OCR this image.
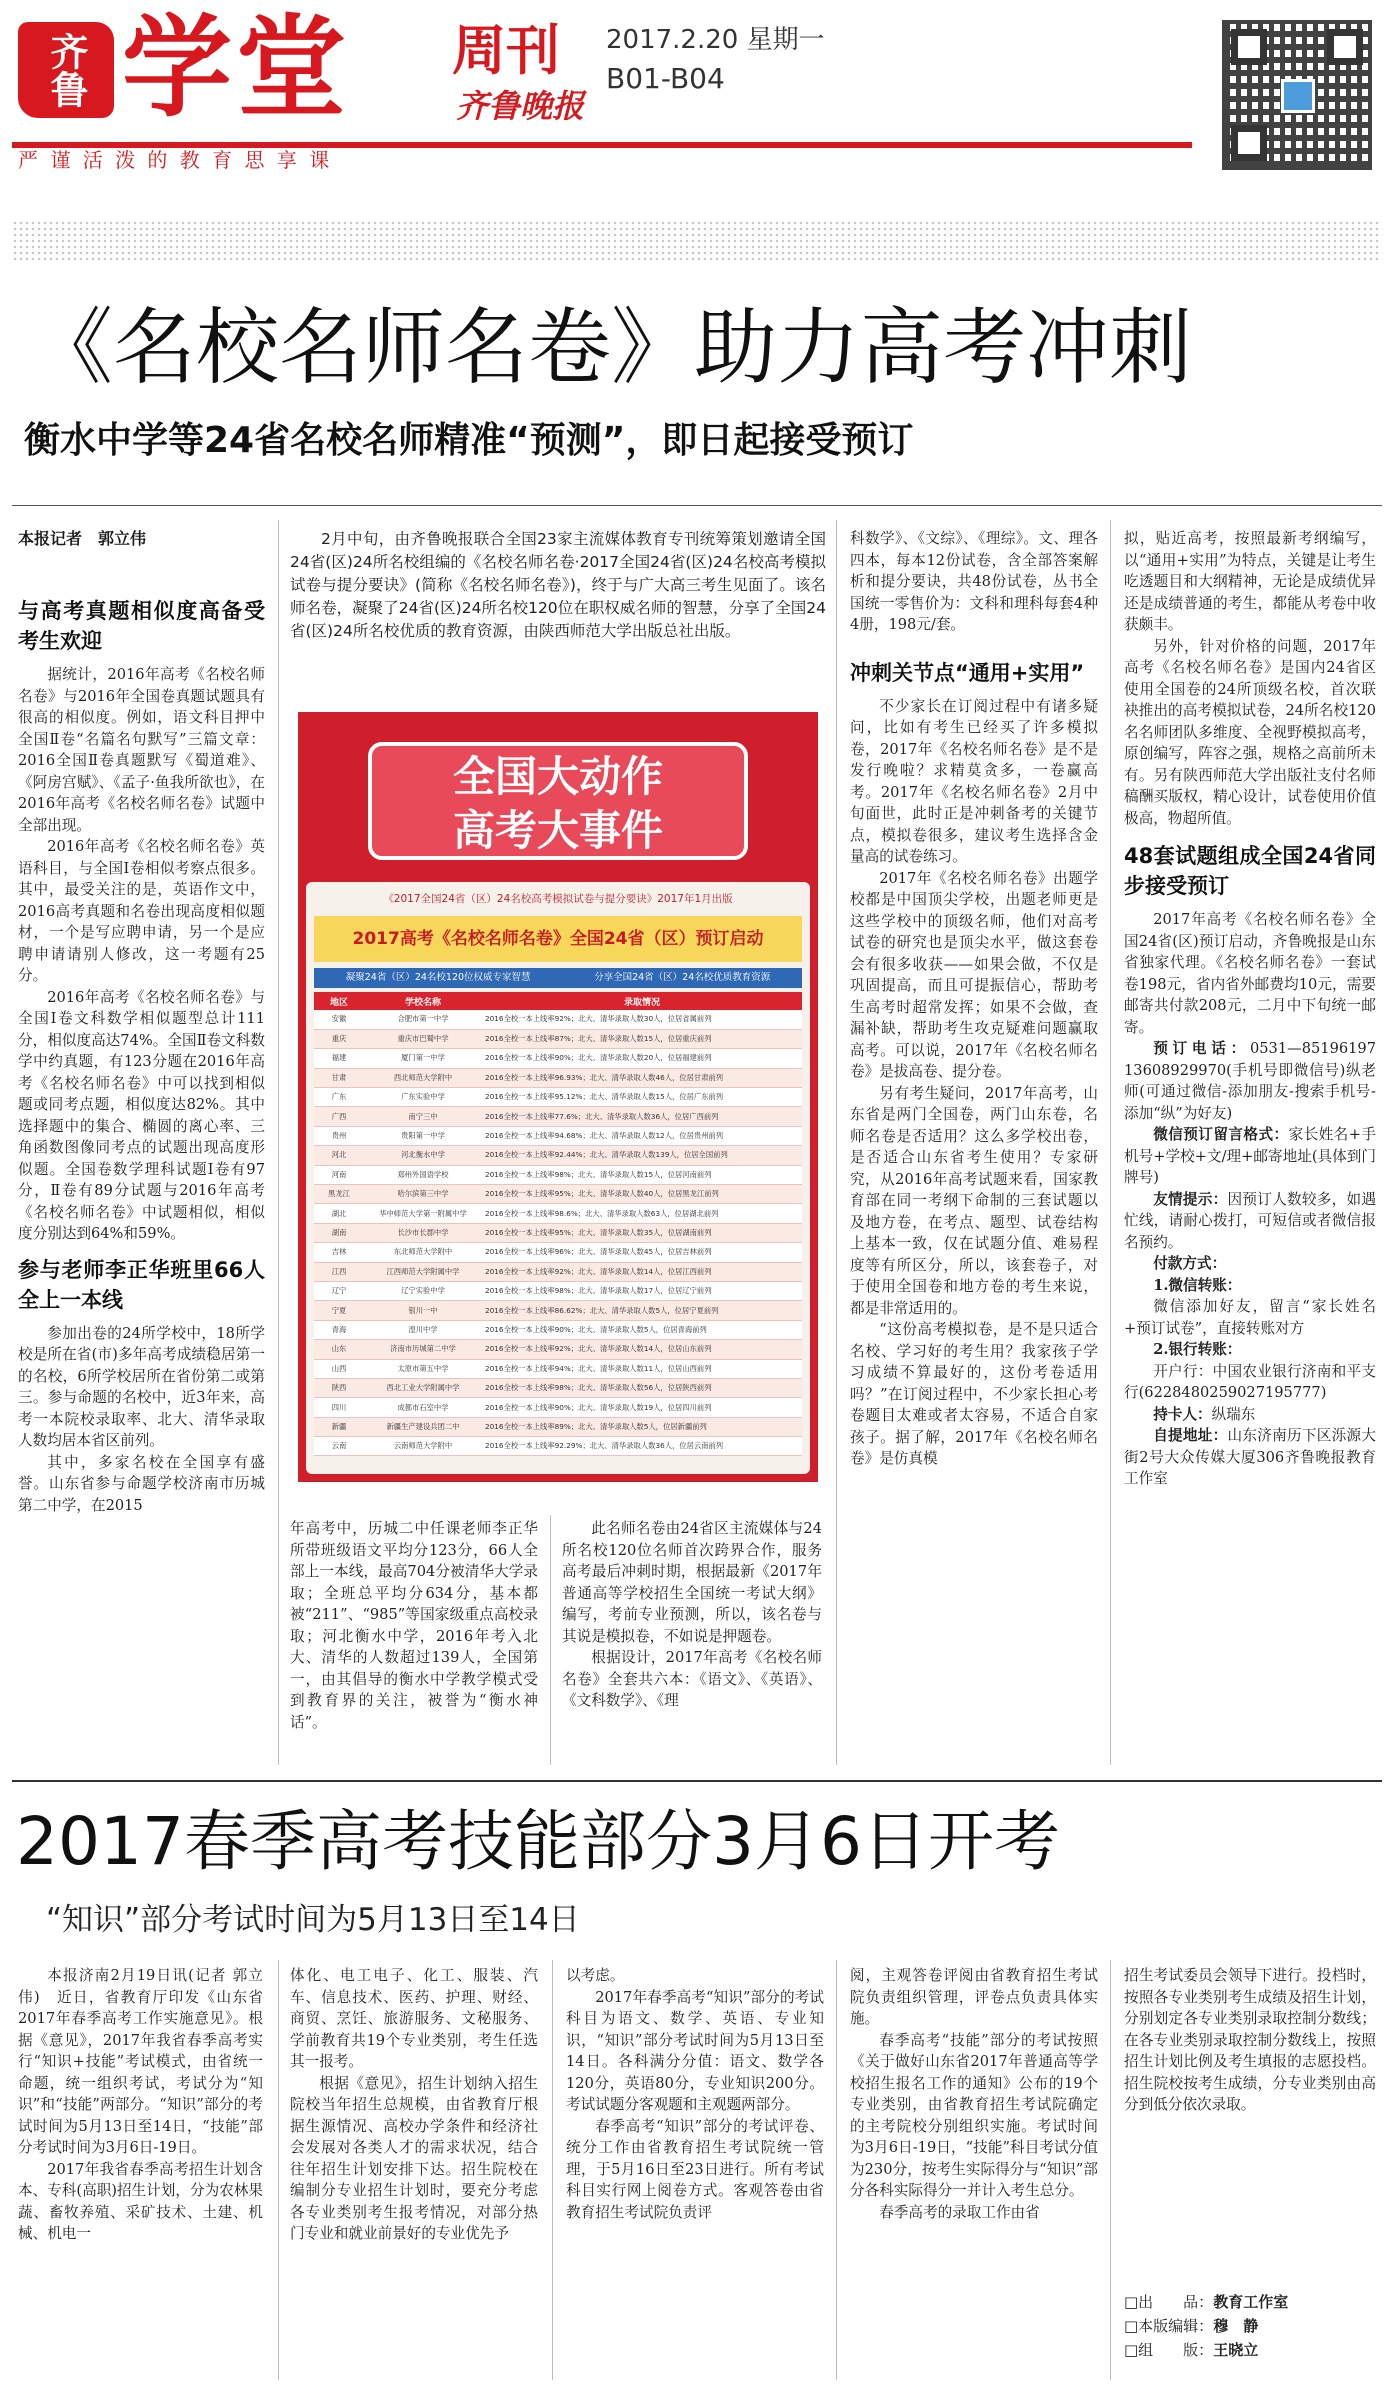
齐鲁 学堂 周刊
齐鲁晚报
2017.2.20 星期一
B01-B04
严 谨 活 泼 的 教 育 思 享 课
《名校名师名卷》助力高考冲刺
衡水中学等24省名校名师精准“预测”，即日起接受预订
本报记者　郭立伟
与高考真题相似度高备受考生欢迎

据统计，2016年高考《名校名师名卷》与2016年全国卷真题试题具有很高的相似度。例如，语文科目押中全国Ⅱ卷“名篇名句默写”三篇文章：2016全国Ⅱ卷真题默写《蜀道难》、《阿房宫赋》、《孟子·鱼我所欲也》，在2016年高考《名校名师名卷》试题中全部出现。

2016年高考《名校名师名卷》英语科目，与全国Ⅰ卷相似考察点很多。其中，最受关注的是，英语作文中，2016高考真题和名卷出现高度相似题材，一个是写应聘申请，另一个是应聘申请请别人修改，这一考题有25分。

2016年高考《名校名师名卷》与全国Ⅰ卷文科数学相似题型总计111分，相似度高达74%。全国Ⅱ卷文科数学中约真题，有123分题在2016年高考《名校名师名卷》中可以找到相似题或同考点题，相似度达82%。其中选择题中的集合、椭圆的离心率、三角函数图像同考点的试题出现高度形似题。全国卷数学理科试题Ⅰ卷有97分，Ⅱ卷有89分试题与2016年高考《名校名师名卷》中试题相似，相似度分别达到64%和59%。

参与老师李正华班里66人全上一本线

参加出卷的24所学校中，18所学校是所在省(市)多年高考成绩稳居第一的名校，6所学校居所在省份第二或第三。参与命题的名校中，近3年来，高考一本院校录取率、北大、清华录取人数均居本省区前列。

其中，多家名校在全国享有盛誉。山东省参与命题学校济南市历城第二中学，在2015

2月中旬，由齐鲁晚报联合全国23家主流媒体教育专刊统筹策划邀请全国24省(区)24所名校组编的《名校名师名卷·2017全国24省(区)24名校高考模拟试卷与提分要诀》(简称《名校名师名卷》)，终于与广大高三考生见面了。该名师名卷，凝聚了24省(区)24所名校120位在职权威名师的智慧，分享了全国24省(区)24所名校优质的教育资源，由陕西师范大学出版总社出版。

全国大动作
高考大事件
《2017全国24省（区）24名校高考模拟试卷与提分要诀》2017年1月出版
2017高考《名校名师名卷》全国24省（区）预订启动
凝聚24省（区）24名校120位权威专家智慧	分享全国24省（区）24名校优质教育资源
地区	学校名称	录取情况
安徽	合肥市第一中学	2016全校一本上线率92%；北大、清华录取人数30人，位居省属前列
重庆	重庆市巴蜀中学	2016全校一本上线率87%；北大、清华录取人数15人，位居重庆前列
福建	厦门第一中学	2016全校一本上线率90%；北大、清华录取人数20人，位居福建前列
甘肃	西北师范大学附中	2016全校一本上线率96.93%；北大、清华录取人数46人，位居甘肃前列
广东	广东实验中学	2016全校一本上线率95.12%；北大、清华录取人数15人，位居广东前列
广西	南宁三中	2016全校一本上线率77.6%；北大、清华录取人数36人，位居广西前列
贵州	贵阳第一中学	2016全校一本上线率94.68%；北大、清华录取人数12人，位居贵州前列
河北	河北衡水中学	2016全校一本上线率92.44%；北大、清华录取人数139人，位居全国前列
河南	郑州外国语学校	2016全校一本上线率98%；北大、清华录取人数15人，位居河南前列
黑龙江	哈尔滨第三中学	2016全校一本上线率95%；北大、清华录取人数40人，位居黑龙江前列
湖北	华中师范大学第一附属中学	2016全校一本上线率98.6%；北大、清华录取人数63人，位居湖北前列
湖南	长沙市长郡中学	2016全校一本上线率95%；北大、清华录取人数35人，位居湖南前列
吉林	东北师范大学附中	2016全校一本上线率96%；北大、清华录取人数45人，位居吉林前列
江西	江西师范大学附属中学	2016全校一本上线率92%；北大、清华录取人数14人，位居江西前列
辽宁	辽宁实验中学	2016全校一本上线率98%；北大、清华录取人数17人，位居辽宁前列
宁夏	银川一中	2016全校一本上线率86.62%；北大、清华录取人数5人，位居宁夏前列
青海	湟川中学	2016全校一本上线率90%；北大、清华录取人数5人，位居青海前列
山东	济南市历城第二中学	2016全校一本上线率92%；北大、清华录取人数14人，位居山东前列
山西	太原市第五中学	2016全校一本上线率94%；北大、清华录取人数11人，位居山西前列
陕西	西北工业大学附属中学	2016全校一本上线率98%；北大、清华录取人数56人，位居陕西前列
四川	成都市石室中学	2016全校一本上线率90%；北大、清华录取人数19人，位居四川前列
新疆	新疆生产建设兵团二中	2016全校一本上线率89%；北大、清华录取人数5人，位居新疆前列
云南	云南师范大学附中	2016全校一本上线率92.29%；北大、清华录取人数36人，位居云南前列

年高考中，历城二中任课老师李正华所带班级语文平均分123分，66人全部上一本线，最高704分被清华大学录取；全班总平均分634分，基本都被“211”、“985”等国家级重点高校录取；河北衡水中学，2016年考入北大、清华的人数超过139人，全国第一，由其倡导的衡水中学教学模式受到教育界的关注，被誉为“衡水神话”。

此名师名卷由24省区主流媒体与24所名校120位名师首次跨界合作，服务高考最后冲刺时期，根据最新《2017年普通高等学校招生全国统一考试大纲》编写，考前专业预测，所以，该名卷与其说是模拟卷，不如说是押题卷。

根据设计，2017年高考《名校名师名卷》全套共六本：《语文》、《英语》、《文科数学》、《理

科数学》、《文综》、《理综》。文、理各四本，每本12份试卷，含全部答案解析和提分要诀，共48份试卷，丛书全国统一零售价为：文科和理科每套4种4册，198元/套。

冲刺关节点“通用+实用”

不少家长在订阅过程中有诸多疑问，比如有考生已经买了许多模拟卷，2017年《名校名师名卷》是不是发行晚啦？求精莫贪多，一卷赢高考。2017年《名校名师名卷》2月中旬面世，此时正是冲刺备考的关键节点，模拟卷很多，建议考生选择含金量高的试卷练习。

2017年《名校名师名卷》出题学校都是中国顶尖学校，出题老师更是这些学校中的顶级名师，他们对高考试卷的研究也是顶尖水平，做这套卷会有很多收获——如果会做，不仅是巩固提高，而且可提振信心，帮助考生高考时超常发挥；如果不会做，查漏补缺，帮助考生攻克疑难问题赢取高考。可以说，2017年《名校名师名卷》是拔高卷、提分卷。

另有考生疑问，2017年高考，山东省是两门全国卷，两门山东卷，名师名卷是否适用？这么多学校出卷，是否适合山东省考生使用？专家研究，从2016年高考试题来看，国家教育部在同一考纲下命制的三套试题以及地方卷，在考点、题型、试卷结构上基本一致，仅在试题分值、难易程度等有所区分，所以，该套卷子，对于使用全国卷和地方卷的考生来说，都是非常适用的。

“这份高考模拟卷，是不是只适合名校、学习好的考生用？我家孩子学习成绩不算最好的，这份考卷适用吗？”在订阅过程中，不少家长担心考卷题目太难或者太容易，不适合自家孩子。据了解，2017年《名校名师名卷》是仿真模

拟，贴近高考，按照最新考纲编写，以“通用+实用”为特点，关键是让考生吃透题目和大纲精神，无论是成绩优异还是成绩普通的考生，都能从考卷中收获颇丰。

另外，针对价格的问题，2017年高考《名校名师名卷》是国内24省区使用全国卷的24所顶级名校，首次联袂推出的高考模拟试卷，24所名校120名名师团队多维度、全视野模拟高考，原创编写，阵容之强，规格之高前所未有。另有陕西师范大学出版社支付名师稿酬买版权，精心设计，试卷使用价值极高，物超所值。

48套试题组成全国24省同步接受预订

2017年高考《名校名师名卷》全国24省(区)预订启动，齐鲁晚报是山东省独家代理。《名校名师名卷》一套试卷198元，省内省外邮费均10元，需要邮寄共付款208元，二月中下旬统一邮寄。

预订电话：0531—85196197 13608929970(手机号即微信号)纵老师(可通过微信-添加朋友-搜索手机号-添加“纵”为好友)

微信预订留言格式：家长姓名+手机号+学校+文/理+邮寄地址(具体到门牌号)

友情提示：因预订人数较多，如遇忙线，请耐心拨打，可短信或者微信报名预约。

付款方式：

1.微信转账：

微信添加好友，留言“家长姓名+预订试卷”，直接转账对方

2.银行转账：

开户行：中国农业银行济南和平支行(6228480259027195777)

持卡人：纵瑞东

自提地址：山东济南历下区泺源大街2号大众传媒大厦306齐鲁晚报教育工作室

2017春季高考技能部分3月6日开考
“知识”部分考试时间为5月13日至14日

本报济南2月19日讯(记者 郭立伟)　近日，省教育厅印发《山东省2017年春季高考工作实施意见》。根据《意见》，2017年我省春季高考实行“知识+技能”考试模式，由省统一命题，统一组织考试，考试分为“知识”和“技能”两部分。“知识”部分的考试时间为5月13日至14日，“技能”部分考试时间为3月6日-19日。

2017年我省春季高考招生计划含本、专科(高职)招生计划，分为农林果蔬、畜牧养殖、采矿技术、土建、机械、机电一

体化、电工电子、化工、服装、汽车、信息技术、医药、护理、财经、商贸、烹饪、旅游服务、文秘服务、学前教育共19个专业类别，考生任选其一报考。

根据《意见》，招生计划纳入招生院校当年招生总规模，由省教育厅根据生源情况、高校办学条件和经济社会发展对各类人才的需求状况，结合往年招生计划安排下达。招生院校在编制分专业招生计划时，要充分考虑各专业类别考生报考情况，对部分热门专业和就业前景好的专业优先予

以考虑。

2017年春季高考“知识”部分的考试科目为语文、数学、英语、专业知识，“知识”部分考试时间为5月13日至14日。各科满分分值：语文、数学各120分，英语80分，专业知识200分。考试试题分客观题和主观题两部分。

春季高考“知识”部分的考试评卷、统分工作由省教育招生考试院统一管理，于5月16日至23日进行。所有考试科目实行网上阅卷方式。客观答卷由省教育招生考试院负责评

阅，主观答卷评阅由省教育招生考试院负责组织管理，评卷点负责具体实施。

春季高考“技能”部分的考试按照《关于做好山东省2017年普通高等学校招生报名工作的通知》公布的19个专业类别，由省教育招生考试院确定的主考院校分别组织实施。考试时间为3月6日-19日，“技能”科目考试分值为230分，按考生实际得分与“知识”部分各科实际得分一并计入考生总分。

春季高考的录取工作由省

招生考试委员会领导下进行。投档时，按照各专业类别考生成绩及招生计划，分别划定各专业类别录取控制分数线；在各专业类别录取控制分数线上，按照招生计划比例及考生填报的志愿投档。招生院校按考生成绩，分专业类别由高分到低分依次录取。

□出　　品：教育工作室
□本版编辑：穆　静
□组　　版：王晓立
